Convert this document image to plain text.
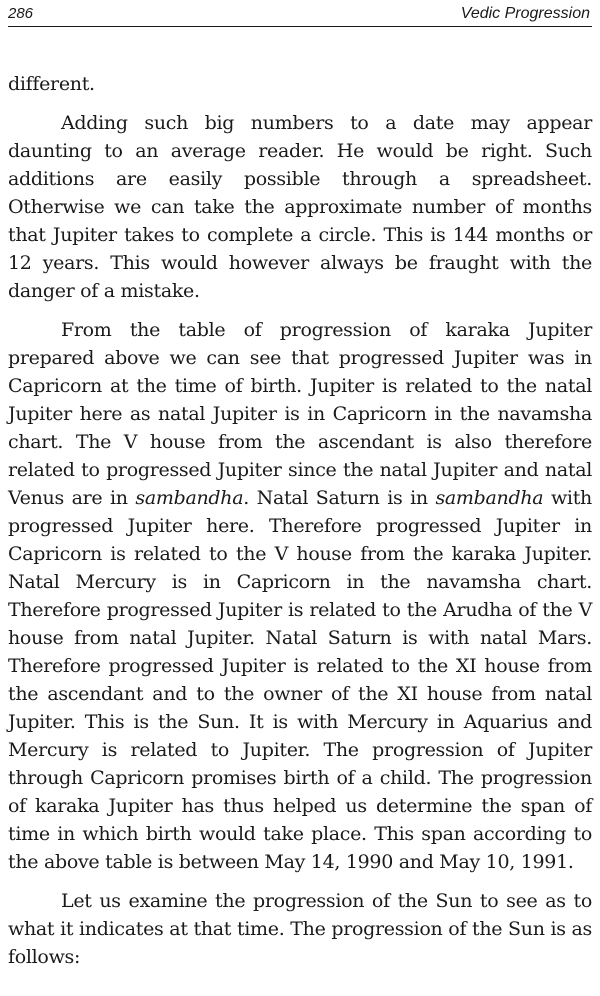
286	Vedic Progression

different.

Adding such big numbers to a date may appear daunting to an average reader. He would be right. Such additions are easily possible through a spreadsheet. Otherwise we can take the approximate number of months that Jupiter takes to complete a circle. This is 144 months or 12 years. This would however always be fraught with the danger of a mistake.

From the table of progression of karaka Jupiter prepared above we can see that progressed Jupiter was in Capricorn at the time of birth. Jupiter is related to the natal Jupiter here as natal Jupiter is in Capricorn in the navamsha chart. The V house from the ascendant is also therefore related to progressed Jupiter since the natal Jupiter and natal Venus are in sambandha. Natal Saturn is in sambandha with progressed Jupiter here. Therefore progressed Jupiter in Capricorn is related to the V house from the karaka Jupiter. Natal Mercury is in Capricorn in the navamsha chart. Therefore progressed Jupiter is related to the Arudha of the V house from natal Jupiter. Natal Saturn is with natal Mars. Therefore progressed Jupiter is related to the XI house from the ascendant and to the owner of the XI house from natal Jupiter. This is the Sun. It is with Mercury in Aquarius and Mercury is related to Jupiter. The progression of Jupiter through Capricorn promises birth of a child. The progression of karaka Jupiter has thus helped us determine the span of time in which birth would take place. This span according to the above table is between May 14, 1990 and May 10, 1991.

Let us examine the progression of the Sun to see as to what it indicates at that time. The progression of the Sun is as follows:
